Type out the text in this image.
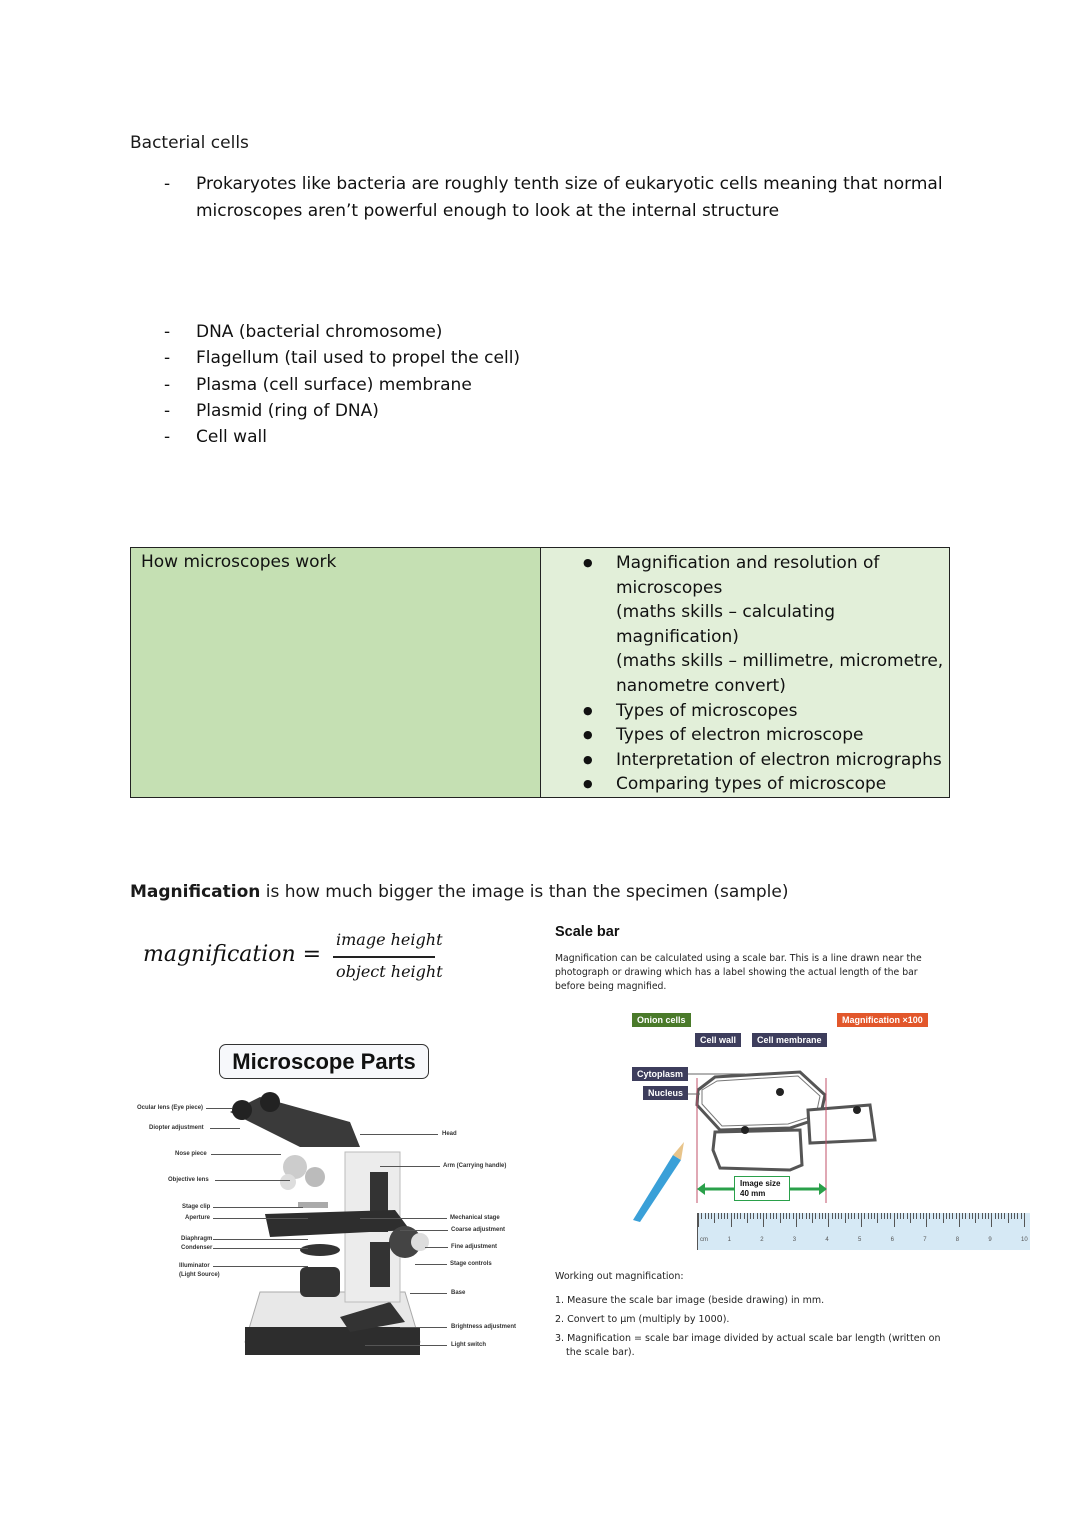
Bacterial cells
- Prokaryotes like bacteria are roughly tenth size of eukaryotic cells meaning that normal
microscopes aren’t powerful enough to look at the internal structure
- DNA (bacterial chromosome)
- Flagellum (tail used to propel the cell)
- Plasma (cell surface) membrane
- Plasmid (ring of DNA)
- Cell wall
How microscopes work

●Magnification and resolution of
microscopes
(maths skills – calculating
magnification)
(maths skills – millimetre, micrometre,
nanometre convert)
● Types of microscopes
● Types of electron microscope
● Interpretation of electron micrographs
● Comparing types of microscope
Magnification is how much bigger the image is than the specimen (sample)
magnification =
image height
object height
Microscope Parts
Ocular lens (Eye piece)
Diopter adjustment
Nose piece
Objective lens
Stage clip
Aperture
Diaphragm
Condenser
Illuminator
(Light Source)
Head
Arm (Carrying handle)
Mechanical stage
Coarse adjustment
Fine adjustment
Stage controls
Base
Brightness adjustment
Light switch
Scale bar
Magnification can be calculated using a scale bar. This is a line drawn near the
photograph or drawing which has a label showing the actual length of the bar
before being magnified.
Onion cells
Cell wall	Cell membrane
Cytoplasm
Nucleus
Magnification ×100
Image size
40 mm
cm	1	2	3	4	5	6	7	8	9	10
Working out magnification:
1. Measure the scale bar image (beside drawing) in mm.
2. Convert to µm (multiply by 1000).
3. Magnification = scale bar image divided by actual scale bar length (written on
the scale bar).
